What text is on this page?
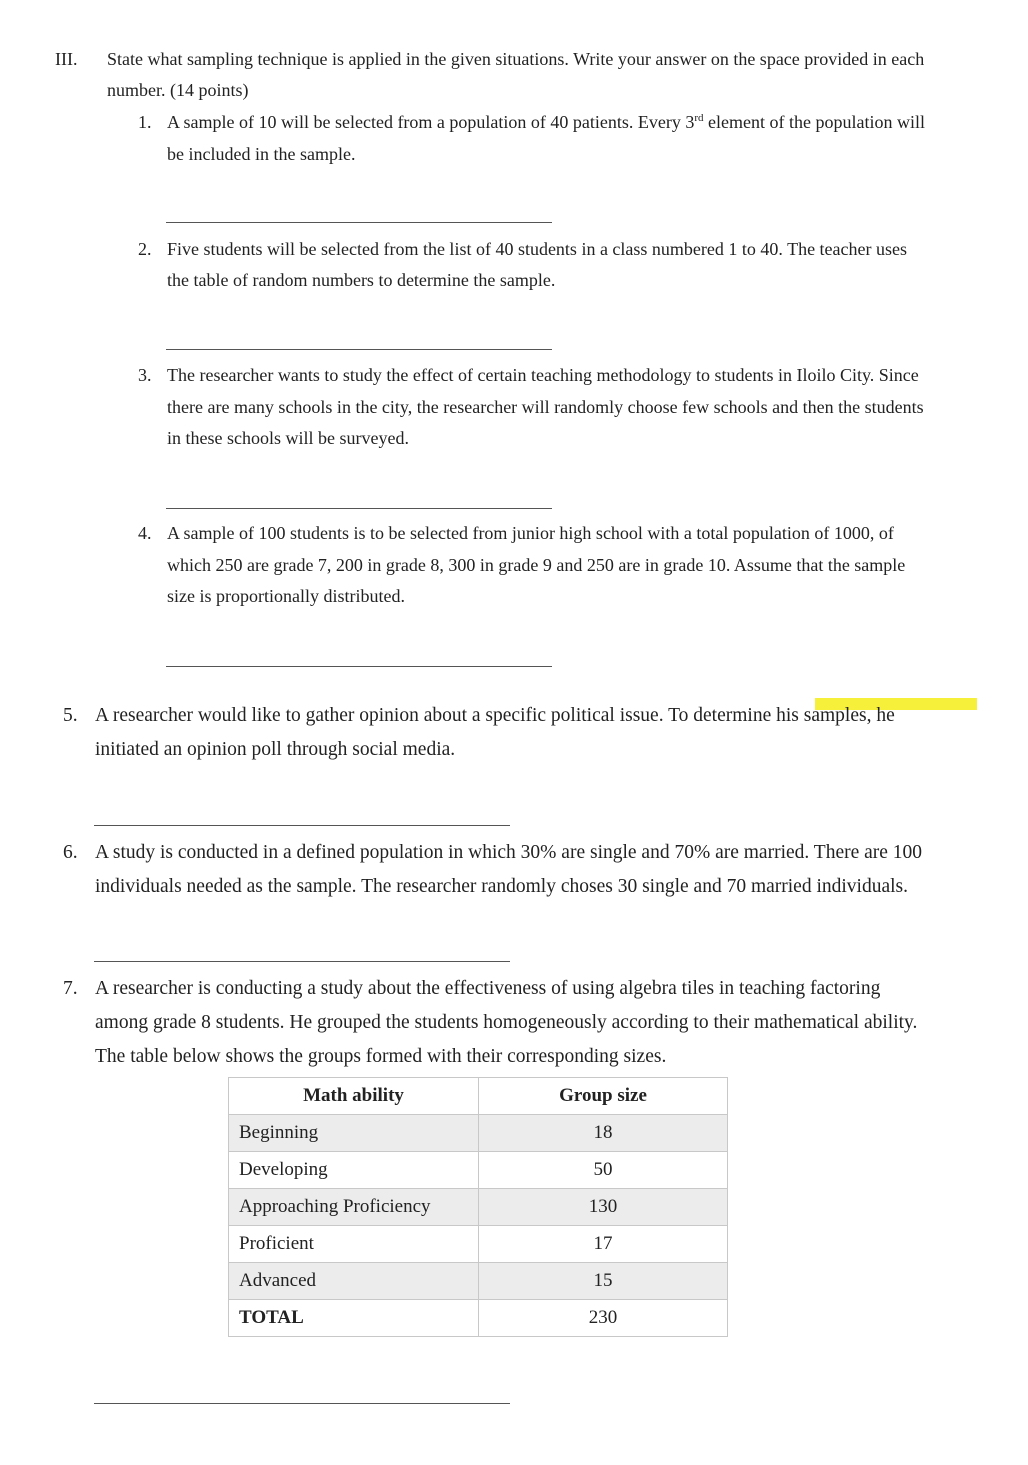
III. State what sampling technique is applied in the given situations. Write your answer on the space provided in each
number. (14 points)
1. A sample of 10 will be selected from a population of 40 patients. Every 3rd element of the population will
be included in the sample.
2. Five students will be selected from the list of 40 students in a class numbered 1 to 40. The teacher uses
the table of random numbers to determine the sample.
3. The researcher wants to study the effect of certain teaching methodology to students in Iloilo City. Since
there are many schools in the city, the researcher will randomly choose few schools and then the students
in these schools will be surveyed.
4. A sample of 100 students is to be selected from junior high school with a total population of 1000, of
which 250 are grade 7, 200 in grade 8, 300 in grade 9 and 250 are in grade 10. Assume that the sample
size is proportionally distributed.
5. A researcher would like to gather opinion about a specific political issue. To determine his samples, he
initiated an opinion poll through social media.
6. A study is conducted in a defined population in which 30% are single and 70% are married. There are 100
individuals needed as the sample. The researcher randomly choses 30 single and 70 married individuals.
7. A researcher is conducting a study about the effectiveness of using algebra tiles in teaching factoring
among grade 8 students. He grouped the students homogeneously according to their mathematical ability.
The table below shows the groups formed with their corresponding sizes.
Math ability	Group size
Beginning	18
Developing	50
Approaching Proficiency	130
Proficient	17
Advanced	15
TOTAL	230
